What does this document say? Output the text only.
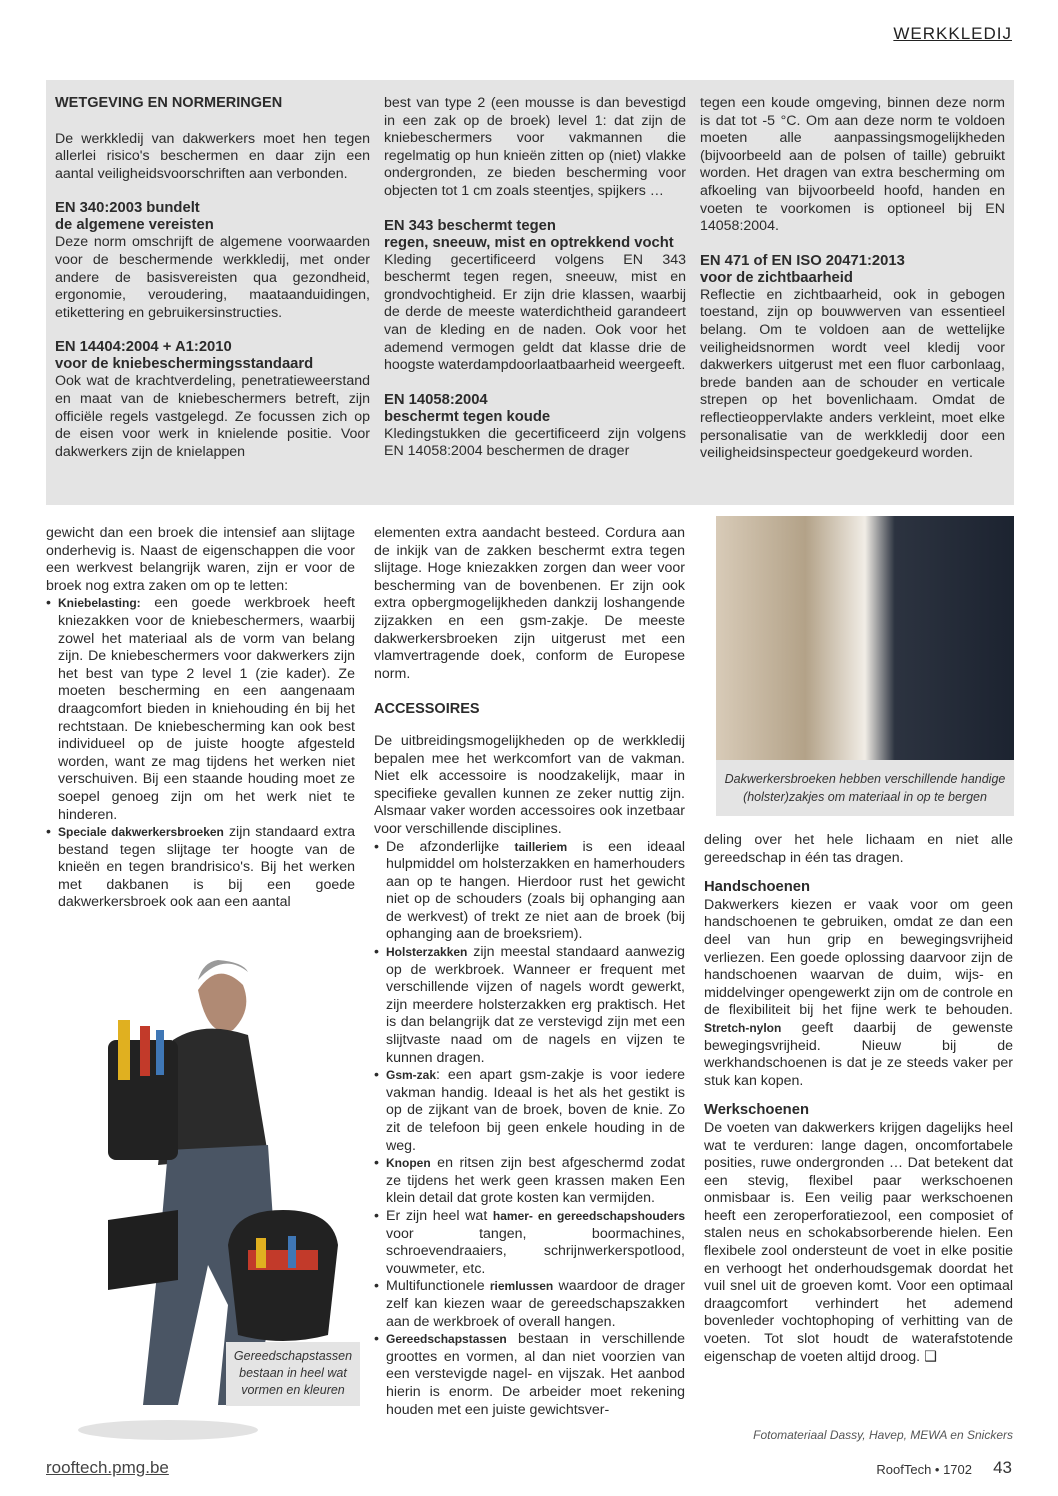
WERKKLEDIJ

WETGEVING EN NORMERINGEN

De werkkledij van dakwerkers moet hen tegen allerlei risico's beschermen en daar zijn een aantal veiligheidsvoorschriften aan verbonden.

EN 340:2003 bundelt
de algemene vereisten

Deze norm omschrijft de algemene voorwaarden voor de beschermende werkkledij, met onder andere de basisvereisten qua gezondheid, ergonomie, veroudering, maataanduidingen, etikettering en gebruikersinstructies.

EN 14404:2004 + A1:2010
voor de kniebeschermingsstandaard

Ook wat de krachtverdeling, penetratieweerstand en maat van de kniebeschermers betreft, zijn officiële regels vastgelegd. Ze focussen zich op de eisen voor werk in knielende positie. Voor dakwerkers zijn de knielappen

best van type 2 (een mousse is dan bevestigd in een zak op de broek) level 1: dat zijn de kniebeschermers voor vakmannen die regelmatig op hun knieën zitten op (niet) vlakke ondergronden, ze bieden bescherming voor objecten tot 1 cm zoals steentjes, spijkers …

EN 343 beschermt tegen
regen, sneeuw, mist en optrekkend vocht

Kleding gecertificeerd volgens EN 343 beschermt tegen regen, sneeuw, mist en grondvochtigheid. Er zijn drie klassen, waarbij de derde de meeste waterdichtheid garandeert van de kleding en de naden. Ook voor het ademend vermogen geldt dat klasse drie de hoogste waterdampdoorlaatbaarheid weergeeft.

EN 14058:2004
beschermt tegen koude

Kledingstukken die gecertificeerd zijn volgens EN 14058:2004 beschermen de drager

tegen een koude omgeving, binnen deze norm is dat tot -5 °C. Om aan deze norm te voldoen moeten alle aanpassingsmogelijkheden (bijvoorbeeld aan de polsen of taille) gebruikt worden. Het dragen van extra bescherming om afkoeling van bijvoorbeeld hoofd, handen en voeten te voorkomen is optioneel bij EN 14058:2004.

EN 471 of EN ISO 20471:2013
voor de zichtbaarheid

Reflectie en zichtbaarheid, ook in gebogen toestand, zijn op bouwwerven van essentieel belang. Om te voldoen aan de wettelijke veiligheidsnormen wordt veel kledij voor dakwerkers uitgerust met een fluor carbonlaag, brede banden aan de schouder en verticale strepen op het bovenlichaam. Omdat de reflectieoppervlakte anders verkleint, moet elke personalisatie van de werkkledij door een veiligheidsinspecteur goedgekeurd worden.

gewicht dan een broek die intensief aan slijtage onderhevig is. Naast de eigenschappen die voor een werkvest belangrijk waren, zijn er voor de broek nog extra zaken om op te letten:

• Kniebelasting: een goede werkbroek heeft kniezakken voor de kniebeschermers, waarbij zowel het materiaal als de vorm van belang zijn. De kniebeschermers voor dakwerkers zijn het best van type 2 level 1 (zie kader). Ze moeten bescherming en een aangenaam draagcomfort bieden in kniehouding én bij het rechtstaan. De kniebescherming kan ook best individueel op de juiste hoogte afgesteld worden, want ze mag tijdens het werken niet verschuiven. Bij een staande houding moet ze soepel genoeg zijn om het werk niet te hinderen.
• Speciale dakwerkersbroeken zijn standaard extra bestand tegen slijtage ter hoogte van de knieën en tegen brandrisico's. Bij het werken met dakbanen is bij een goede dakwerkersbroek ook aan een aantal
Gereedschapstassen bestaan in heel wat vormen en kleuren

elementen extra aandacht besteed. Cordura aan de inkijk van de zakken beschermt extra tegen slijtage. Hoge kniezakken zorgen dan weer voor bescherming van de bovenbenen. Er zijn ook extra opbergmogelijkheden dankzij loshangende zijzakken en een gsm-zakje. De meeste dakwerkersbroeken zijn uitgerust met een vlamvertragende doek, conform de Europese norm.

ACCESSOIRES

De uitbreidingsmogelijkheden op de werkkledij bepalen mee het werkcomfort van de vakman. Niet elk accessoire is noodzakelijk, maar in specifieke gevallen kunnen ze zeker nuttig zijn. Alsmaar vaker worden accessoires ook inzetbaar voor verschillende disciplines.

• De afzonderlijke tailleriem is een ideaal hulpmiddel om holsterzakken en hamerhouders aan op te hangen. Hierdoor rust het gewicht niet op de schouders (zoals bij ophanging aan de werkvest) of trekt ze niet aan de broek (bij ophanging aan de broeksriem).
• Holsterzakken zijn meestal standaard aanwezig op de werkbroek. Wanneer er frequent met verschillende vijzen of nagels wordt gewerkt, zijn meerdere holsterzakken erg praktisch. Het is dan belangrijk dat ze verstevigd zijn met een slijtvaste naad om de nagels en vijzen te kunnen dragen.
• Gsm-zak: een apart gsm-zakje is voor iedere vakman handig. Ideaal is het als het gestikt is op de zijkant van de broek, boven de knie. Zo zit de telefoon bij geen enkele houding in de weg.
• Knopen en ritsen zijn best afgeschermd zodat ze tijdens het werk geen krassen maken Een klein detail dat grote kosten kan vermijden.
• Er zijn heel wat hamer- en gereedschapshouders voor tangen, boormachines, schroevendraaiers, schrijnwerkerspotlood, vouwmeter, etc.
• Multifunctionele riemlussen waardoor de drager zelf kan kiezen waar de gereedschapszakken aan de werkbroek of overall hangen.
• Gereedschapstassen bestaan in verschillende groottes en vormen, al dan niet voorzien van een verstevigde nagel- en vijszak. Het aanbod hierin is enorm. De arbeider moet rekening houden met een juiste gewichtsver-
Dakwerkersbroeken hebben verschillende handige (holster)zakjes om materiaal in op te bergen

deling over het hele lichaam en niet alle gereedschap in één tas dragen.

Handschoenen

Dakwerkers kiezen er vaak voor om geen handschoenen te gebruiken, omdat ze dan een deel van hun grip en bewegingsvrijheid verliezen. Een goede oplossing daarvoor zijn de handschoenen waarvan de duim, wijs- en middelvinger opengewerkt zijn om de controle en de flexibiliteit bij het fijne werk te behouden. Stretch-nylon geeft daarbij de gewenste bewegingsvrijheid. Nieuw bij de werkhandschoenen is dat je ze steeds vaker per stuk kan kopen.

Werkschoenen

De voeten van dakwerkers krijgen dagelijks heel wat te verduren: lange dagen, oncomfortabele posities, ruwe ondergronden … Dat betekent dat een stevig, flexibel paar werkschoenen onmisbaar is. Een veilig paar werkschoenen heeft een zeroperforatiezool, een composiet of stalen neus en schokabsorberende hielen. Een flexibele zool ondersteunt de voet in elke positie en verhoogt het onderhoudsgemak doordat het vuil snel uit de groeven komt. Voor een optimaal draagcomfort verhindert het ademend bovenleder vochtophoping of verhitting van de voeten. Tot slot houdt de waterafstotende eigenschap de voeten altijd droog. ❑

Fotomateriaal Dassy, Havep, MEWA en Snickers
rooftech.pmg.be	RoofTech • 1702 43
